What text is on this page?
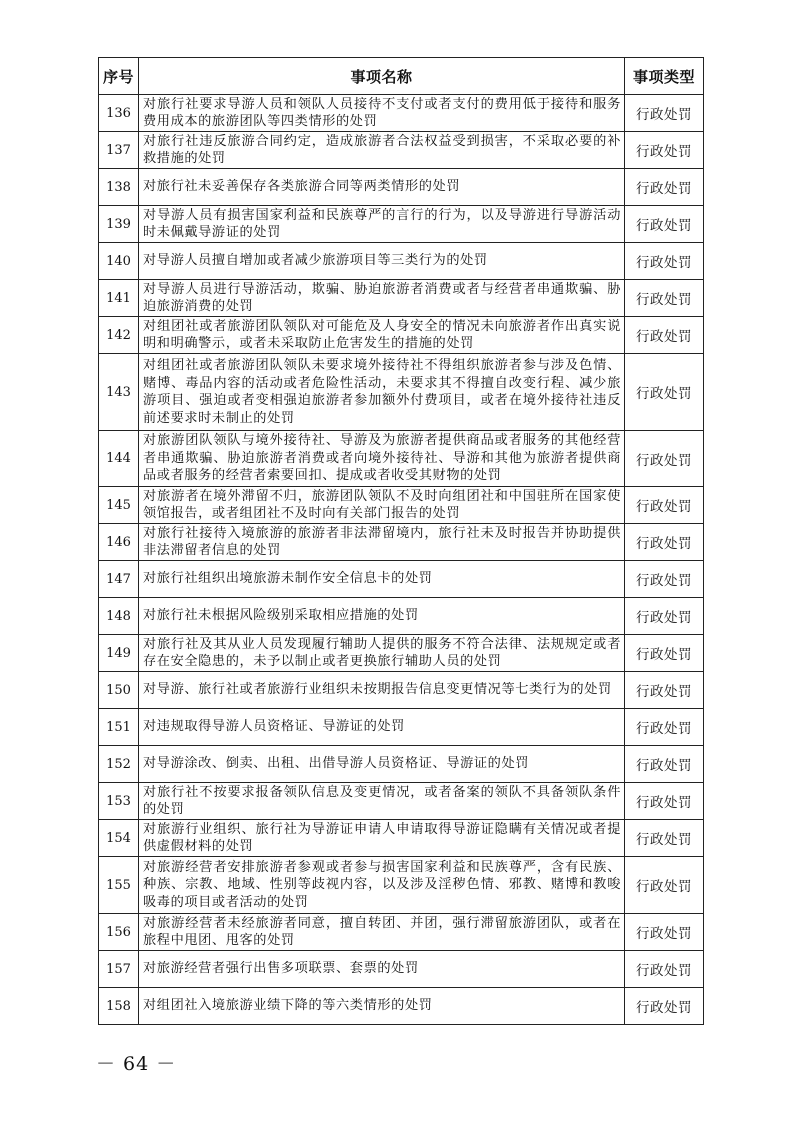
序号	事项名称	事项类型
136	对旅行社要求导游人员和领队人员接待不支付或者支付的费用低于接待和服务费用成本的旅游团队等四类情形的处罚	行政处罚
137	对旅行社违反旅游合同约定，造成旅游者合法权益受到损害，不采取必要的补救措施的处罚	行政处罚
138	对旅行社未妥善保存各类旅游合同等两类情形的处罚	行政处罚
139	对导游人员有损害国家利益和民族尊严的言行的行为，以及导游进行导游活动时未佩戴导游证的处罚	行政处罚
140	对导游人员擅自增加或者减少旅游项目等三类行为的处罚	行政处罚
141	对导游人员进行导游活动，欺骗、胁迫旅游者消费或者与经营者串通欺骗、胁迫旅游消费的处罚	行政处罚
142	对组团社或者旅游团队领队对可能危及人身安全的情况未向旅游者作出真实说明和明确警示，或者未采取防止危害发生的措施的处罚	行政处罚
143	对组团社或者旅游团队领队未要求境外接待社不得组织旅游者参与涉及色情、赌博、毒品内容的活动或者危险性活动，未要求其不得擅自改变行程、减少旅游项目、强迫或者变相强迫旅游者参加额外付费项目，或者在境外接待社违反前述要求时未制止的处罚	行政处罚
144	对旅游团队领队与境外接待社、导游及为旅游者提供商品或者服务的其他经营者串通欺骗、胁迫旅游者消费或者向境外接待社、导游和其他为旅游者提供商品或者服务的经营者索要回扣、提成或者收受其财物的处罚	行政处罚
145	对旅游者在境外滞留不归，旅游团队领队不及时向组团社和中国驻所在国家使领馆报告，或者组团社不及时向有关部门报告的处罚	行政处罚
146	对旅行社接待入境旅游的旅游者非法滞留境内，旅行社未及时报告并协助提供非法滞留者信息的处罚	行政处罚
147	对旅行社组织出境旅游未制作安全信息卡的处罚	行政处罚
148	对旅行社未根据风险级别采取相应措施的处罚	行政处罚
149	对旅行社及其从业人员发现履行辅助人提供的服务不符合法律、法规规定或者存在安全隐患的，未予以制止或者更换旅行辅助人员的处罚	行政处罚
150	对导游、旅行社或者旅游行业组织未按期报告信息变更情况等七类行为的处罚	行政处罚
151	对违规取得导游人员资格证、导游证的处罚	行政处罚
152	对导游涂改、倒卖、出租、出借导游人员资格证、导游证的处罚	行政处罚
153	对旅行社不按要求报备领队信息及变更情况，或者备案的领队不具备领队条件的处罚	行政处罚
154	对旅游行业组织、旅行社为导游证申请人申请取得导游证隐瞒有关情况或者提供虚假材料的处罚	行政处罚
155	对旅游经营者安排旅游者参观或者参与损害国家利益和民族尊严，含有民族、种族、宗教、地域、性别等歧视内容，以及涉及淫秽色情、邪教、赌博和教唆吸毒的项目或者活动的处罚	行政处罚
156	对旅游经营者未经旅游者同意，擅自转团、并团，强行滞留旅游团队，或者在旅程中甩团、甩客的处罚	行政处罚
157	对旅游经营者强行出售多项联票、套票的处罚	行政处罚
158	对组团社入境旅游业绩下降的等六类情形的处罚	行政处罚
－ 64 －
